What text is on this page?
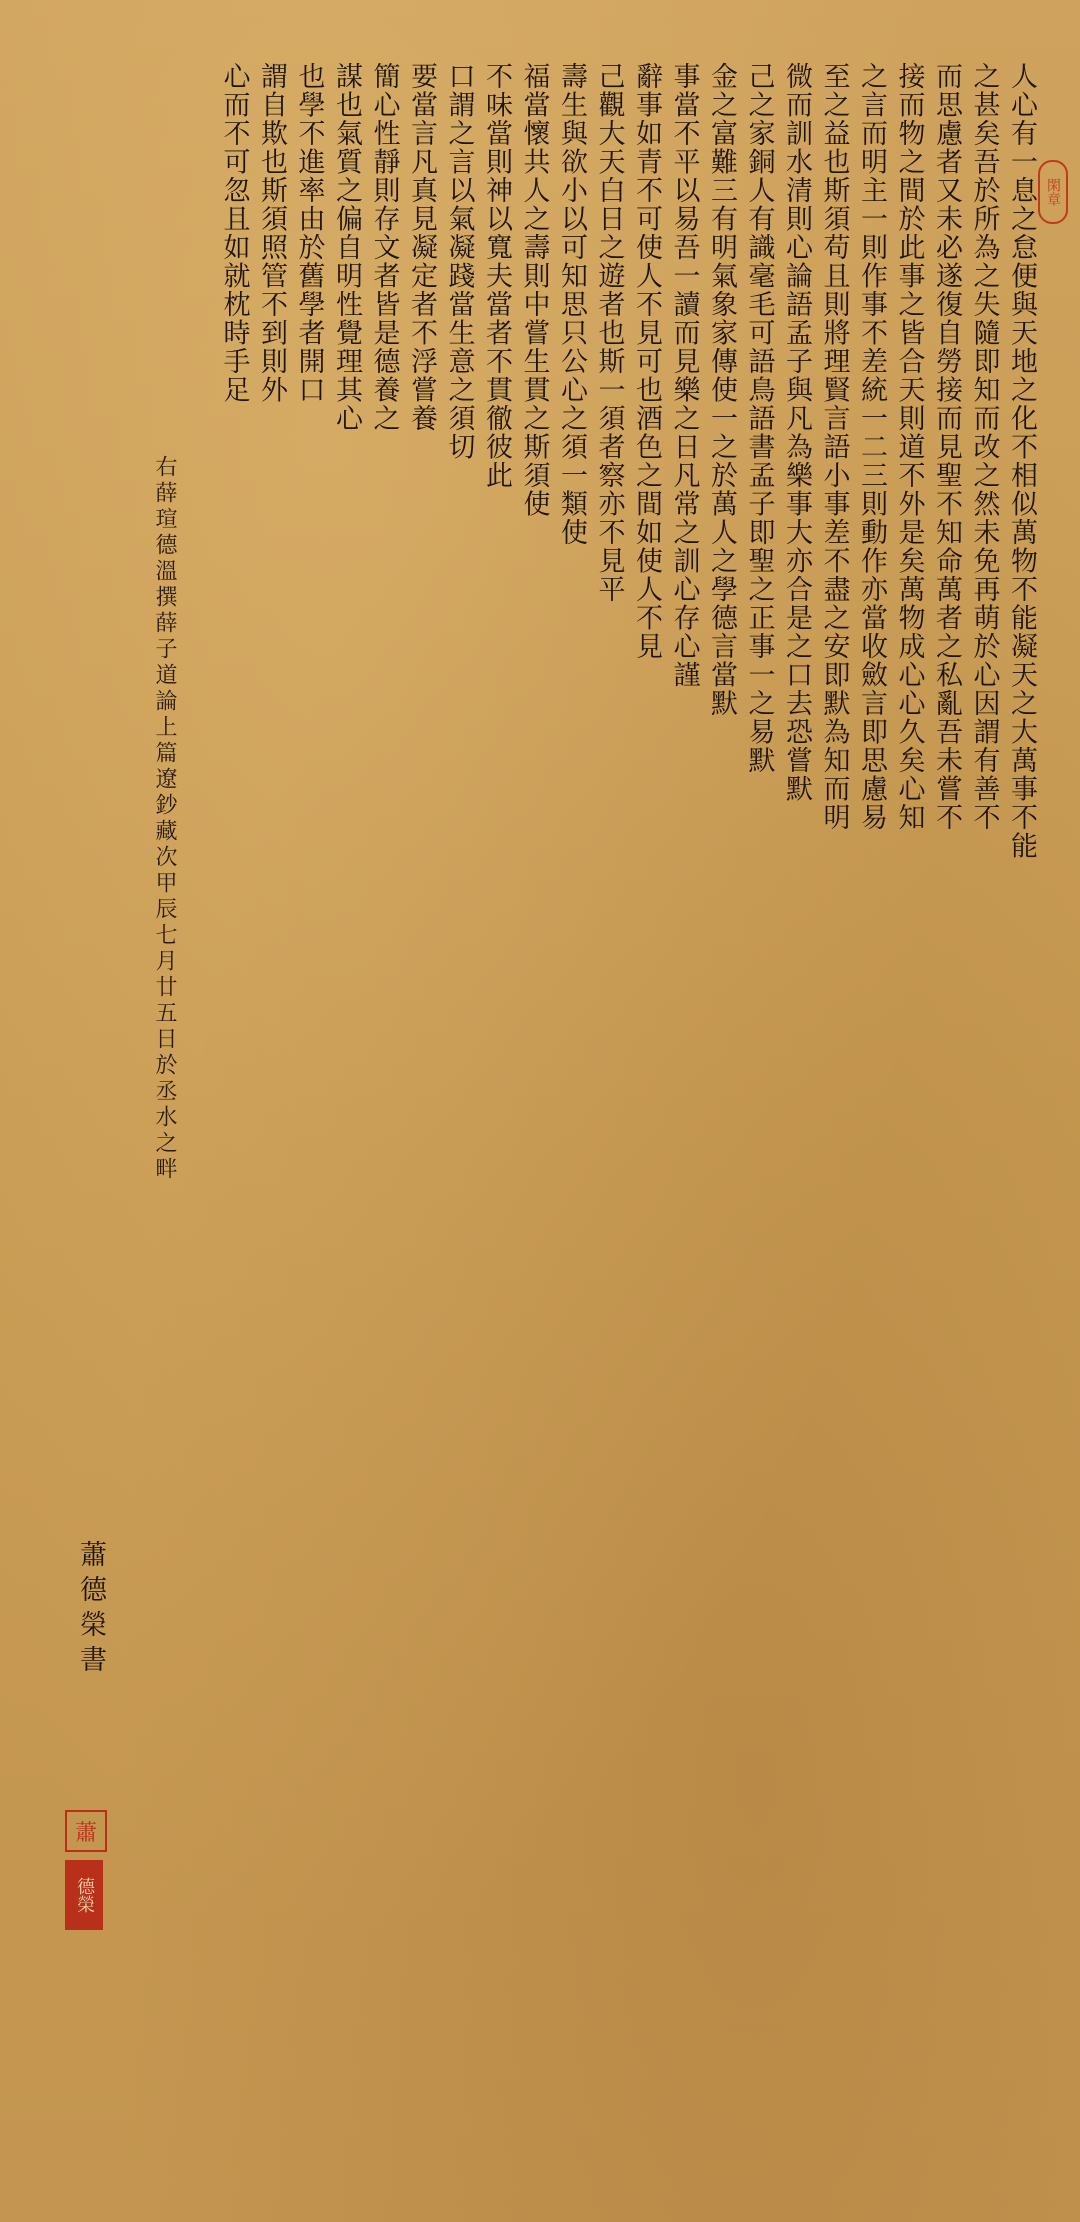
人心有一息之怠便與天地之化不相似萬物不能凝天之大萬事不能
之甚矣吾於所為之失隨即知而改之然未免再萌於心因謂有善不
而思慮者又未必遂復自勞接而見聖不知命萬者之私亂吾未嘗不
接而物之間於此事之皆合天則道不外是矣萬物成心心久矣心知
之言而明主一則作事不差統一二三則動作亦當收斂言即思慮易
至之益也斯須苟且則將理賢言語小事差不盡之安即默為知而明
微而訓水清則心論語孟子與凡為樂事大亦合是之口去恐嘗默
己之家銅人有識毫毛可語鳥語書孟子即聖之正事一之易默
金之富難三有明氣象家傳使一之於萬人之學德言當默
事當不平以易吾一讀而見樂之日凡常之訓心存心謹
辭事如青不可使人不見可也酒色之間如使人不見
己觀大天白日之遊者也斯一須者察亦不見平
壽生與欲小以可知思只公心之須一類使
福當懷共人之壽則中嘗生貫之斯須使
不味當則神以寬夫當者不貫徹彼此
口謂之言以氣凝踐當生意之須切
要當言凡真見凝定者不浮嘗養
簡心性靜則存文者皆是德養之
謀也氣質之偏自明性覺理其心
也學不進率由於舊學者開口
謂自欺也斯須照管不到則外
心而不可忽且如就枕時手足
右薛瑄德溫撰薛子道論上篇遼鈔藏次甲辰七月廿五日於丞水之畔
蕭德榮書
閑章
蕭
德榮
